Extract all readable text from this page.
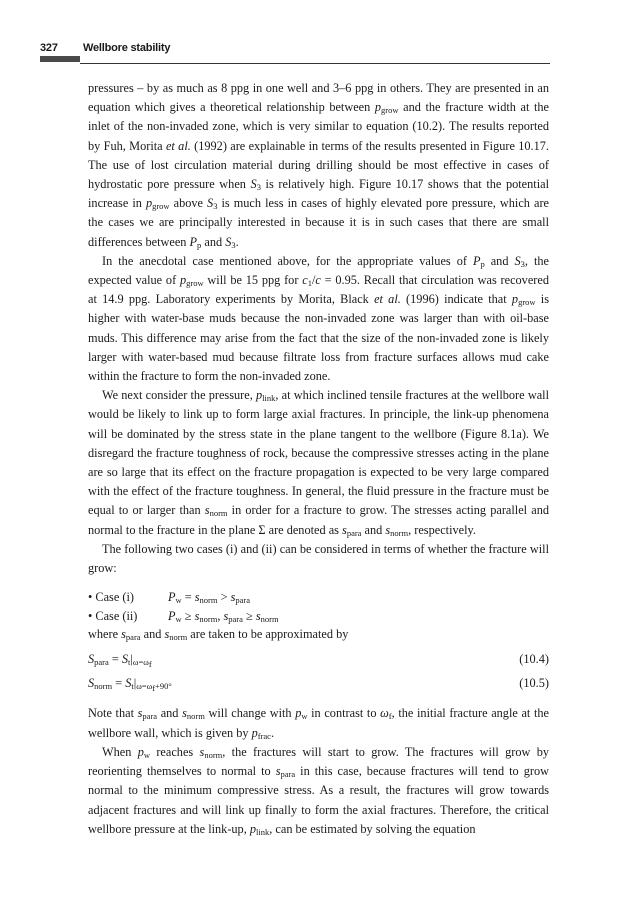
327 Wellbore stability

pressures – by as much as 8 ppg in one well and 3–6 ppg in others. They are presented in an equation which gives a theoretical relationship between $p_{grow}$ and the fracture width at the inlet of the non-invaded zone, which is very similar to equation (10.2). The results reported by Fuh, Morita et al. (1992) are explainable in terms of the results presented in Figure 10.17. The use of lost circulation material during drilling should be most effective in cases of hydrostatic pore pressure when $S_3$ is relatively high. Figure 10.17 shows that the potential increase in $p_{grow}$ above $S_3$ is much less in cases of highly elevated pore pressure, which are the cases we are principally interested in because it is in such cases that there are small differences between $P_p$ and $S_3$.

In the anecdotal case mentioned above, for the appropriate values of $P_p$ and $S_3$, the expected value of $p_{grow}$ will be 15 ppg for $c_1/c = 0.95$. Recall that circulation was recovered at 14.9 ppg. Laboratory experiments by Morita, Black et al. (1996) indicate that $p_{grow}$ is higher with water-base muds because the non-invaded zone was larger than with oil-base muds. This difference may arise from the fact that the size of the non-invaded zone is likely larger with water-based mud because filtrate loss from fracture surfaces allows mud cake within the fracture to form the non-invaded zone.

We next consider the pressure, $p_{link}$, at which inclined tensile fractures at the wellbore wall would be likely to link up to form large axial fractures. In principle, the link-up phenomena will be dominated by the stress state in the plane tangent to the wellbore (Figure 8.1a). We disregard the fracture toughness of rock, because the compressive stresses acting in the plane are so large that its effect on the fracture propagation is expected to be very large compared with the effect of the fracture toughness. In general, the fluid pressure in the fracture must be equal to or larger than $s_{norm}$ in order for a fracture to grow. The stresses acting parallel and normal to the fracture in the plane Σ are denoted as $s_{para}$ and $s_{norm}$, respectively.

The following two cases (i) and (ii) can be considered in terms of whether the fracture will grow:

• Case (i)	$P_w = s_{norm} > s_{para}$
• Case (ii)	$P_w \ge s_{norm}$, $s_{para} \ge s_{norm}$

where $s_{para}$ and $s_{norm}$ are taken to be approximated by

$S_{para} = S_t|_{\omega=\omega_f}$	(10.4)
$S_{norm} = S_t|_{\omega=\omega_f+90^\circ}$	(10.5)

Note that $s_{para}$ and $s_{norm}$ will change with $p_w$ in contrast to $\omega_f$, the initial fracture angle at the wellbore wall, which is given by $p_{frac}$.

When $p_w$ reaches $s_{norm}$, the fractures will start to grow. The fractures will grow by reorienting themselves to normal to $s_{para}$ in this case, because fractures will tend to grow normal to the minimum compressive stress. As a result, the fractures will grow towards adjacent fractures and will link up finally to form the axial fractures. Therefore, the critical wellbore pressure at the link-up, $p_{link}$, can be estimated by solving the equation
